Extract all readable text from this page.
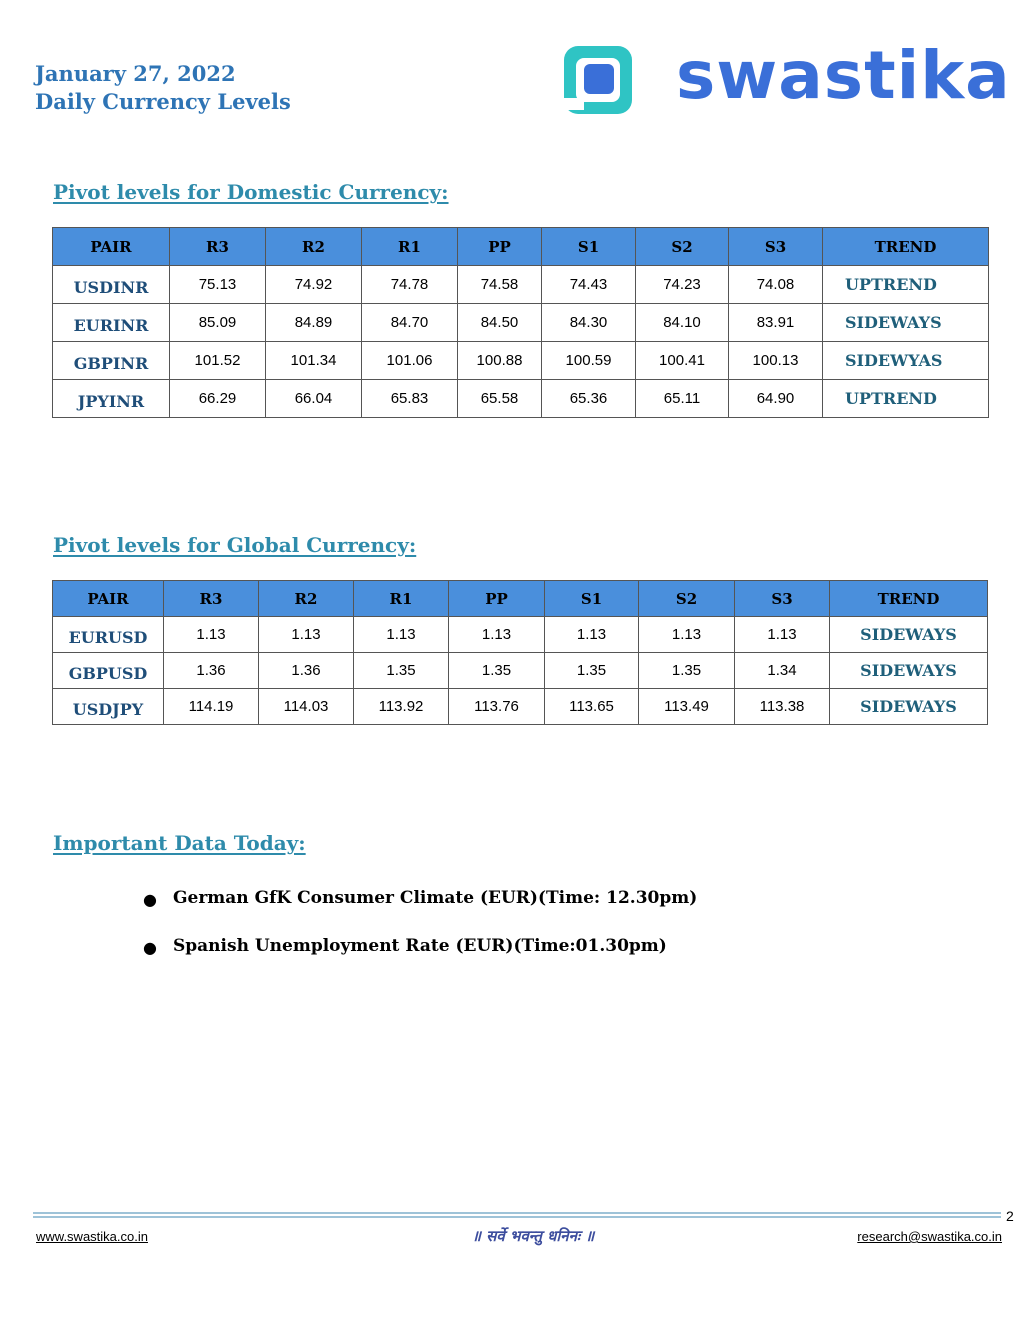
January 27, 2022
Daily Currency Levels	swastika
Pivot levels for Domestic Currency:
PAIR	R3	R2	R1	PP	S1	S2	S3	TREND
USDINR	75.13	74.92	74.78	74.58	74.43	74.23	74.08	UPTREND
EURINR	85.09	84.89	84.70	84.50	84.30	84.10	83.91	SIDEWAYS
GBPINR	101.52	101.34	101.06	100.88	100.59	100.41	100.13	SIDEWYAS
JPYINR	66.29	66.04	65.83	65.58	65.36	65.11	64.90	UPTREND
Pivot levels for Global Currency:
PAIR	R3	R2	R1	PP	S1	S2	S3	TREND
EURUSD	1.13	1.13	1.13	1.13	1.13	1.13	1.13	SIDEWAYS
GBPUSD	1.36	1.36	1.35	1.35	1.35	1.35	1.34	SIDEWAYS
USDJPY	114.19	114.03	113.92	113.76	113.65	113.49	113.38	SIDEWAYS
Important Data Today:
● German GfK Consumer Climate (EUR)(Time: 12.30pm)
● Spanish Unemployment Rate (EUR)(Time:01.30pm)
2
www.swastika.co.in	॥ सर्वे भवन्तु धनिनः ॥	research@swastika.co.in
